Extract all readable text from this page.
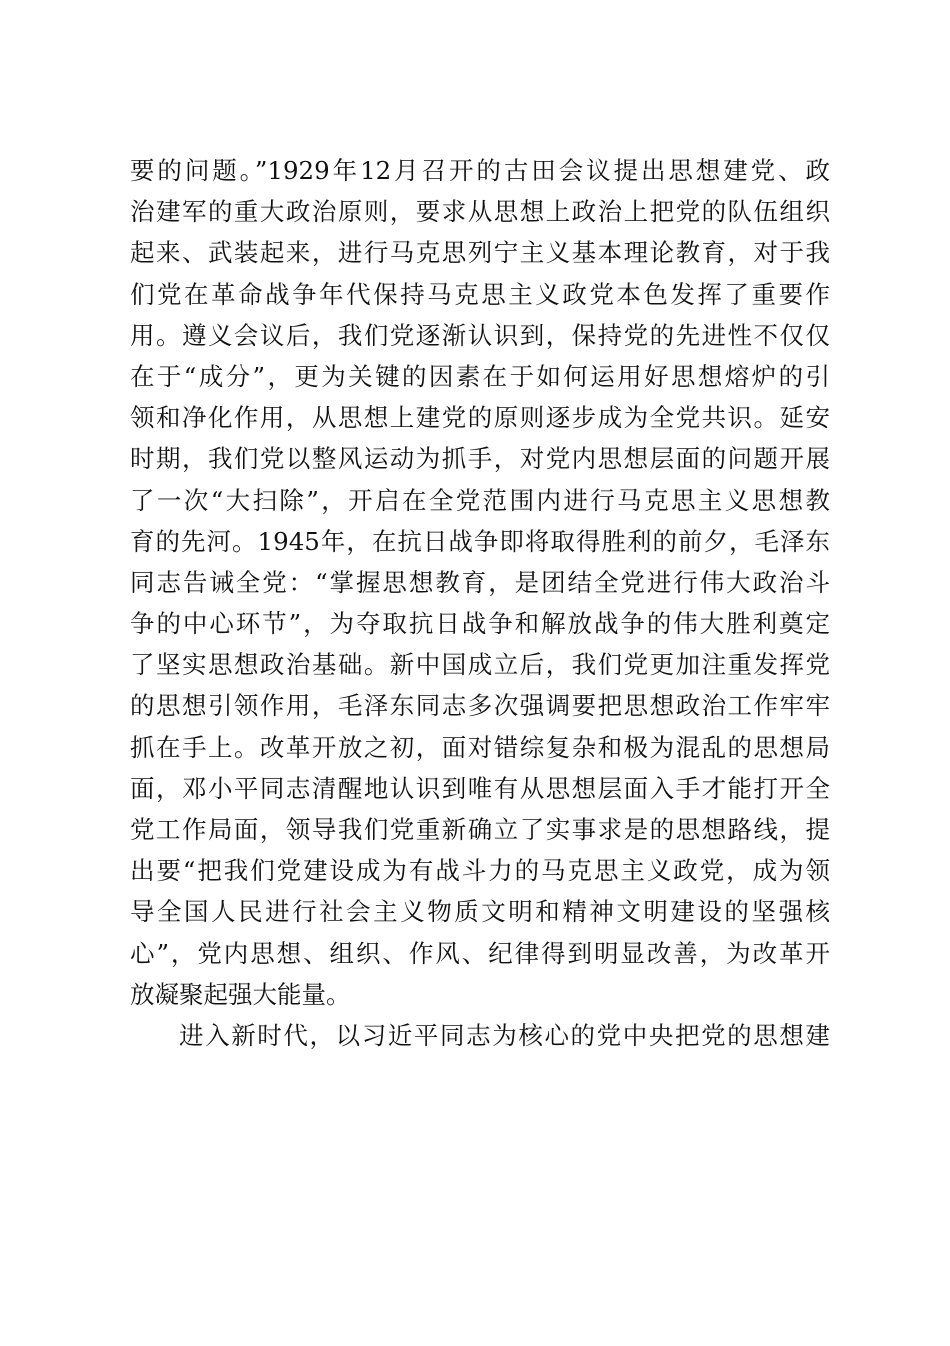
要的问题。”1929年12月召开的古田会议提出思想建党、政
治建军的重大政治原则，要求从思想上政治上把党的队伍组织
起来、武装起来，进行马克思列宁主义基本理论教育，对于我
们党在革命战争年代保持马克思主义政党本色发挥了重要作
用。遵义会议后，我们党逐渐认识到，保持党的先进性不仅仅
在于“成分”，更为关键的因素在于如何运用好思想熔炉的引
领和净化作用，从思想上建党的原则逐步成为全党共识。延安
时期，我们党以整风运动为抓手，对党内思想层面的问题开展
了一次“大扫除”，开启在全党范围内进行马克思主义思想教
育的先河。1945年，在抗日战争即将取得胜利的前夕，毛泽东
同志告诫全党：“掌握思想教育，是团结全党进行伟大政治斗
争的中心环节”，为夺取抗日战争和解放战争的伟大胜利奠定
了坚实思想政治基础。新中国成立后，我们党更加注重发挥党
的思想引领作用，毛泽东同志多次强调要把思想政治工作牢牢
抓在手上。改革开放之初，面对错综复杂和极为混乱的思想局
面，邓小平同志清醒地认识到唯有从思想层面入手才能打开全
党工作局面，领导我们党重新确立了实事求是的思想路线，提
出要“把我们党建设成为有战斗力的马克思主义政党，成为领
导全国人民进行社会主义物质文明和精神文明建设的坚强核
心”，党内思想、组织、作风、纪律得到明显改善，为改革开
放凝聚起强大能量。
进入新时代，以习近平同志为核心的党中央把党的思想建
